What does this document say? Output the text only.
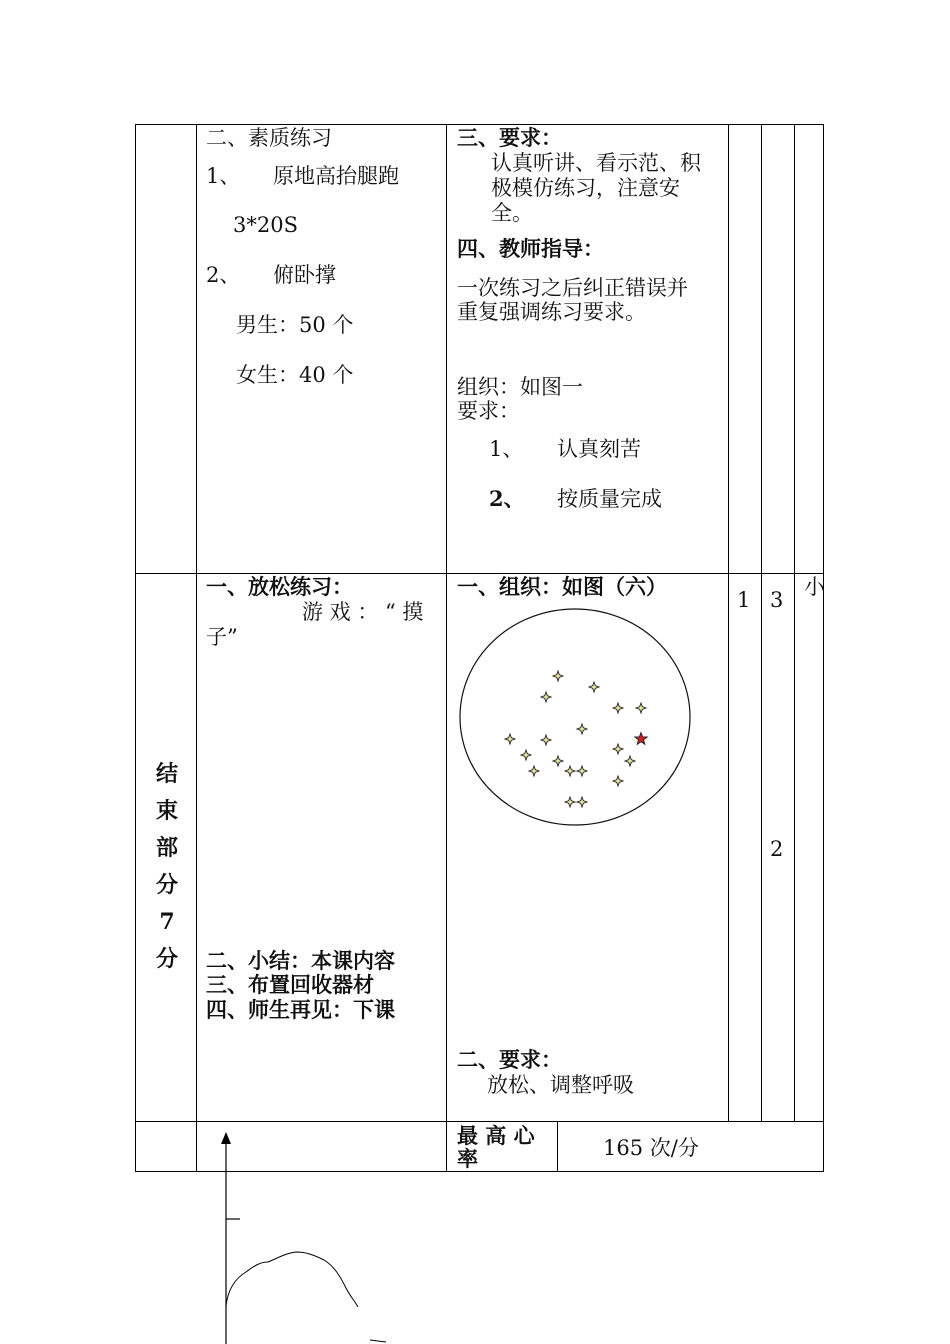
二、素质练习
1、 原地高抬腿跑
3*20S
2、 俯卧撑
男生：50 个
女生：40 个
三、要求：
认真听讲、看示范、积
极模仿练习，注意安
全。
四、教师指导：
一次练习之后纠正错误并
重复强调练习要求。
组织：如图一
要求：
1、 认真刻苦
2、 按质量完成
结
束
部
分
7
分
一、放松练习：
游 戏 ： “ 摸
子”
二、小结：本课内容
三、布置回收器材
四、师生再见：下课
一、组织：如图（六）
二、要求：
放松、调整呼吸
1 3
2
小
最 高 心
率	165 次/分
